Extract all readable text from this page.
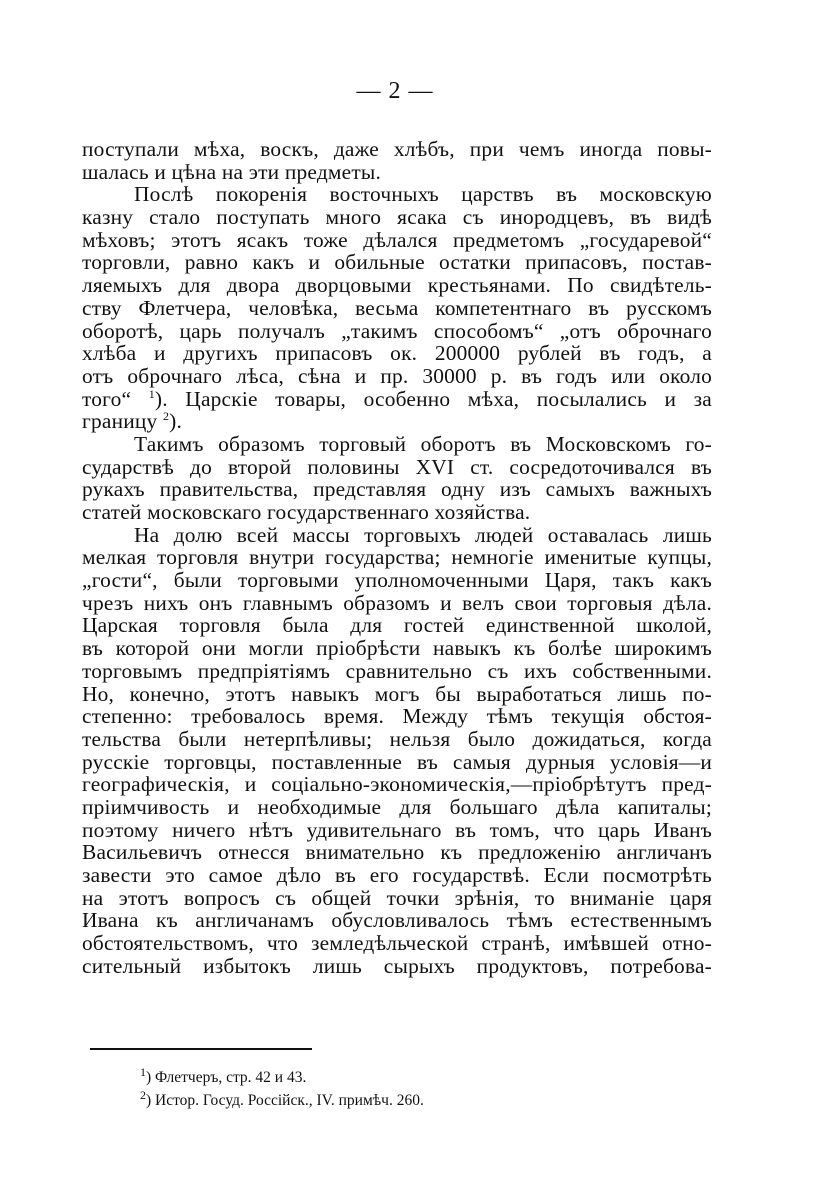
— 2 —
поступали мѣха, воскъ, даже хлѣбъ, при чемъ иногда повы-
шалась и цѣна на эти предметы.
Послѣ покоренія восточныхъ царствъ въ московскую
казну стало поступать много ясака съ инородцевъ, въ видѣ
мѣховъ; этотъ ясакъ тоже дѣлался предметомъ „государевой“
торговли, равно какъ и обильные остатки припасовъ, постав-
ляемыхъ для двора дворцовыми крестьянами. По свидѣтель-
ству Флетчера, человѣка, весьма компетентнаго въ русскомъ
оборотѣ, царь получалъ „такимъ способомъ“ „отъ оброчнаго
хлѣба и другихъ припасовъ ок. 200000 рублей въ годъ, а
отъ оброчнаго лѣса, сѣна и пр. 30000 р. въ годъ или около
того“ $^1$). Царскіе товары, особенно мѣха, посылались и за
границу $^2$).
Такимъ образомъ торговый оборотъ въ Московскомъ го-
сударствѣ до второй половины XVI ст. сосредоточивался въ
рукахъ правительства, представляя одну изъ самыхъ важныхъ
статей московскаго государственнаго хозяйства.
На долю всей массы торговыхъ людей оставалась лишь
мелкая торговля внутри государства; немногіе именитые купцы,
„гости“, были торговыми уполномоченными Царя, такъ какъ
чрезъ нихъ онъ главнымъ образомъ и велъ свои торговыя дѣла.
Царская торговля была для гостей единственной школой,
въ которой они могли пріобрѣсти навыкъ къ болѣе широкимъ
торговымъ предпріятіямъ сравнительно съ ихъ собственными.
Но, конечно, этотъ навыкъ могъ бы выработаться лишь по-
степенно: требовалось время. Между тѣмъ текущія обстоя-
тельства были нетерпѣливы; нельзя было дожидаться, когда
русскіе торговцы, поставленные въ самыя дурныя условія—и
географическія, и соціально-экономическія,—пріобрѣтутъ пред-
пріимчивость и необходимые для большаго дѣла капиталы;
поэтому ничего нѣтъ удивительнаго въ томъ, что царь Иванъ
Васильевичъ отнесся внимательно къ предложенію англичанъ
завести это самое дѣло въ его государствѣ. Если посмотрѣть
на этотъ вопросъ съ общей точки зрѣнія, то вниманіе царя
Ивана къ англичанамъ обусловливалось тѣмъ естественнымъ
обстоятельствомъ, что земледѣльческой странѣ, имѣвшей отно-
сительный избытокъ лишь сырыхъ продуктовъ, потребова-
$^1$) Флетчеръ, стр. 42 и 43.
$^2$) Истор. Госуд. Россійск., IV. примѣч. 260.
